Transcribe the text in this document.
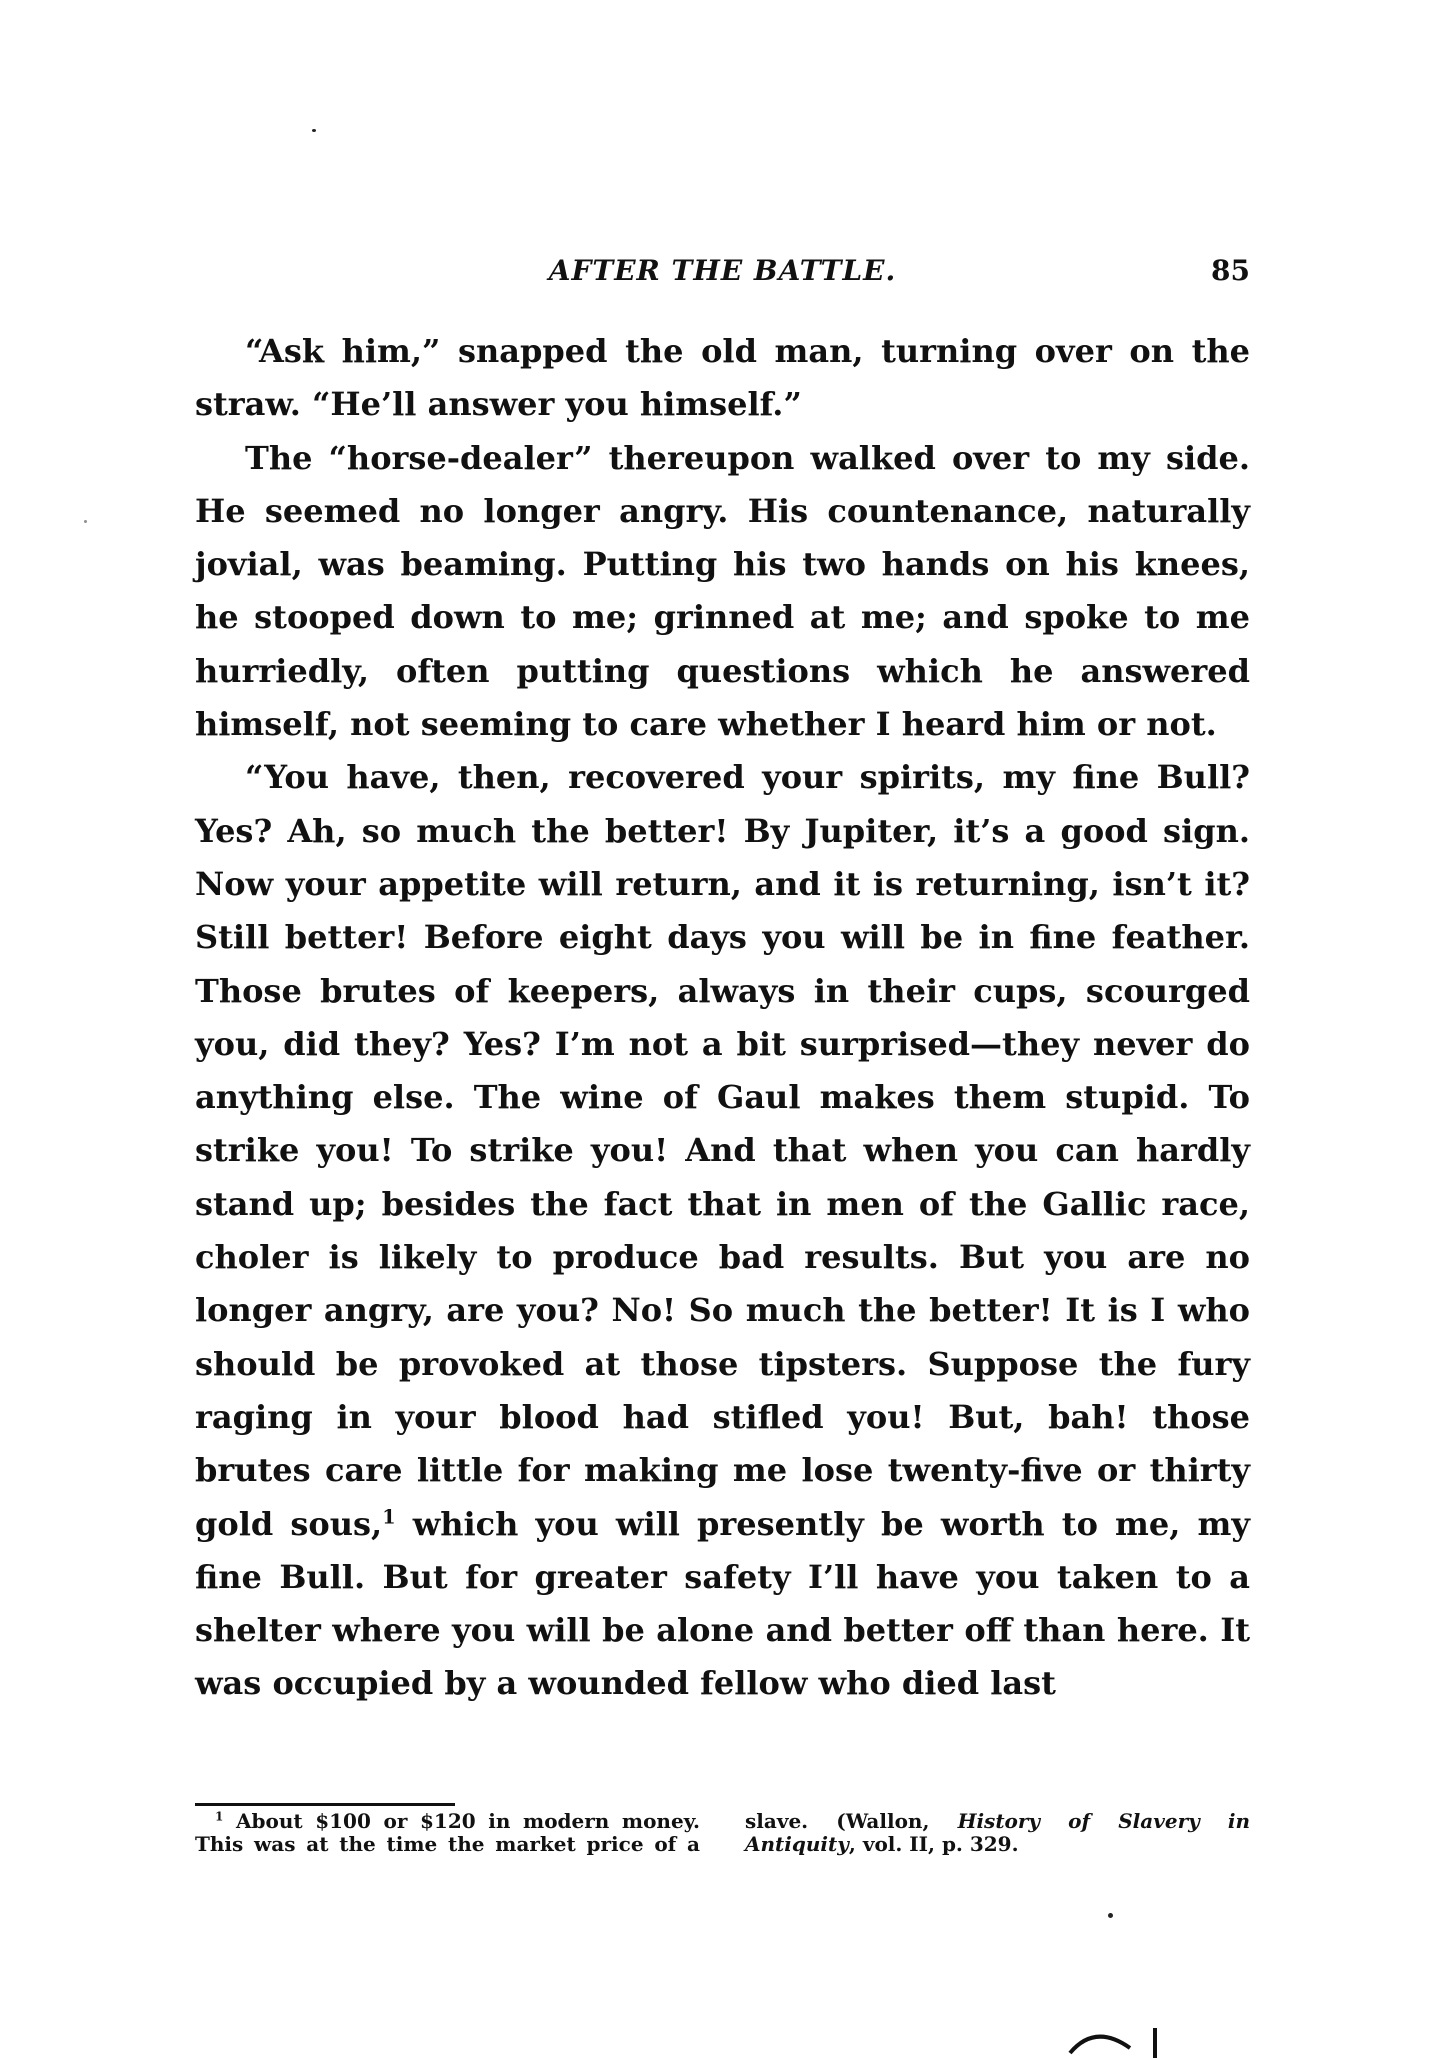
AFTER THE BATTLE.	85

“Ask him,” snapped the old man, turning over on the straw. “He’ll answer you himself.”

The “horse-dealer” thereupon walked over to my side. He seemed no longer angry. His countenance, naturally jovial, was beaming. Putting his two hands on his knees, he stooped down to me; grinned at me; and spoke to me hurriedly, often putting questions which he answered himself, not seeming to care whether I heard him or not.

“You have, then, recovered your spirits, my fine Bull? Yes? Ah, so much the better! By Jupiter, it’s a good sign. Now your appetite will return, and it is returning, isn’t it? Still better! Before eight days you will be in fine feather. Those brutes of keepers, always in their cups, scourged you, did they? Yes? I’m not a bit surprised—they never do anything else. The wine of Gaul makes them stupid. To strike you! To strike you! And that when you can hardly stand up; besides the fact that in men of the Gallic race, choler is likely to produce bad results. But you are no longer angry, are you? No! So much the better! It is I who should be provoked at those tipsters. Suppose the fury raging in your blood had stifled you! But, bah! those brutes care little for making me lose twenty-five or thirty gold sous,$^1$ which you will presently be worth to me, my fine Bull. But for greater safety I’ll have you taken to a shelter where you will be alone and better off than here. It was occupied by a wounded fellow who died last

$^1$ About $100 or $120 in modern money. This was at the time the market price of a slave. (Wallon, History of Slavery in Antiquity, vol. II, p. 329.
